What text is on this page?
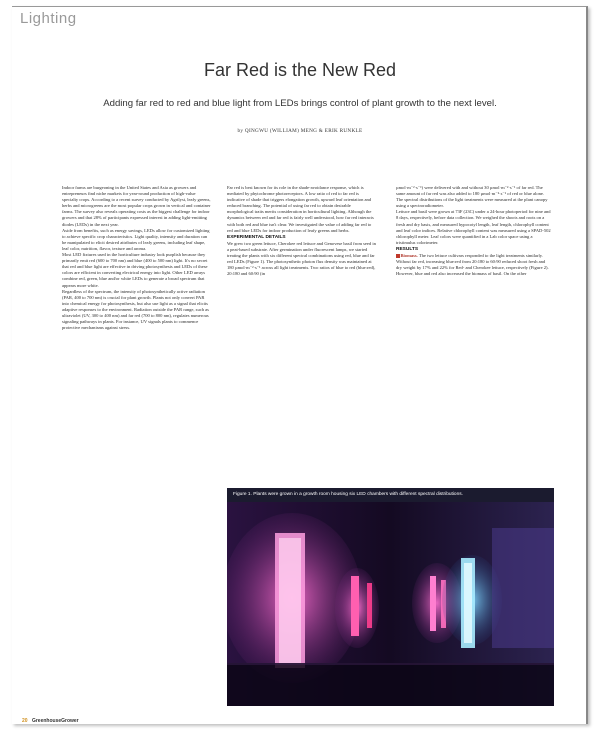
Lighting
Far Red is the New Red
Adding far red to red and blue light from LEDs brings control of plant growth to the next level.
by QINGWU (WILLIAM) MENG & ERIK RUNKLE

Indoor farms are burgeoning in the United States and Asia as growers and entrepreneurs find niche markets for year-round production of high-value specialty crops. According to a recent survey conducted by Agrilyst, leafy greens, herbs and microgreens are the most popular crops grown in vertical and container farms. The survey also reveals operating costs as the biggest challenge for indoor growers and that 28% of participants expressed interest in adding light-emitting diodes (LEDs) in the next year.

Aside from benefits, such as energy savings, LEDs allow for customized lighting to achieve specific crop characteristics. Light quality, intensity and duration can be manipulated to elicit desired attributes of leafy greens, including leaf shape, leaf color, nutrition, flavor, texture and aroma.

Most LED fixtures used in the horticulture industry look purplish because they primarily emit red (600 to 700 nm) and blue (400 to 500 nm) light. It's no secret that red and blue light are effective in driving photosynthesis and LEDs of these colors are efficient in converting electrical energy into light. Other LED arrays combine red, green, blue and/or white LEDs to generate a broad spectrum that appears more white.

Regardless of the spectrum, the intensity of photosynthetically active radiation (PAR, 400 to 700 nm) is crucial for plant growth. Plants not only convert PAR into chemical energy for photosynthesis, but also use light as a signal that elicits adaptive responses to the environment. Radiation outside the PAR range, such as ultraviolet (UV, 300 to 400 nm) and far red (700 to 800 nm), regulates numerous signaling pathways in plants. For instance, UV signals plants to commence protective mechanisms against stress.

Far red is best known for its role in the shade-avoidance response, which is mediated by phytochrome photoreceptors. A low ratio of red to far red is indicative of shade that triggers elongation growth, upward leaf orientation and reduced branching. The potential of using far red to obtain desirable morphological traits merits consideration in horticultural lighting. Although the dynamics between red and far red is fairly well understood, how far red interacts with both red and blue isn't clear. We investigated the value of adding far red to red and blue LEDs for indoor production of leafy greens and herbs.

EXPERIMENTAL DETAILS

We grew two green lettuce, Cherokee red lettuce and Genovese basil from seed in a peat-based substrate. After germination under fluorescent lamps, we started treating the plants with six different spectral combinations using red, blue and far red LEDs (Figure 1). The photosynthetic photon flux density was maintained at 180 µmol·m⁻²·s⁻¹ across all light treatments. Two ratios of blue to red (blue:red), 20:180 and 60:90 (in

µmol·m⁻²·s⁻¹) were delivered with and without 30 µmol·m⁻²·s⁻¹ of far red. The same amount of far red was also added to 180 µmol·m⁻²·s⁻¹ of red or blue alone. The spectral distributions of the light treatments were measured at the plant canopy using a spectroradiometer.

Lettuce and basil were grown at 73F (23C) under a 24-hour photoperiod for nine and 8 days, respectively, before data collection. We weighed the shoots and roots on a fresh and dry basis, and measured hypocotyl length, leaf length, chlorophyll content and leaf color indices. Relative chlorophyll content was measured using a SPAD-502 chlorophyll meter. Leaf colors were quantified in a Lab color space using a tristimulus colorimeter.

RESULTS

Biomass. The two lettuce cultivars responded to the light treatments similarly. Without far red, increasing blue:red from 20:180 to 60:90 reduced shoot fresh and dry weight by 17% and 22% for Red- and Cherokee lettuce, respectively (Figure 2). However, blue and red also increased the biomass of basil. On the other

Figure 1. Plants were grown in a growth room housing six LED chambers with different spectral distributions.
20 GreenhouseGrower
